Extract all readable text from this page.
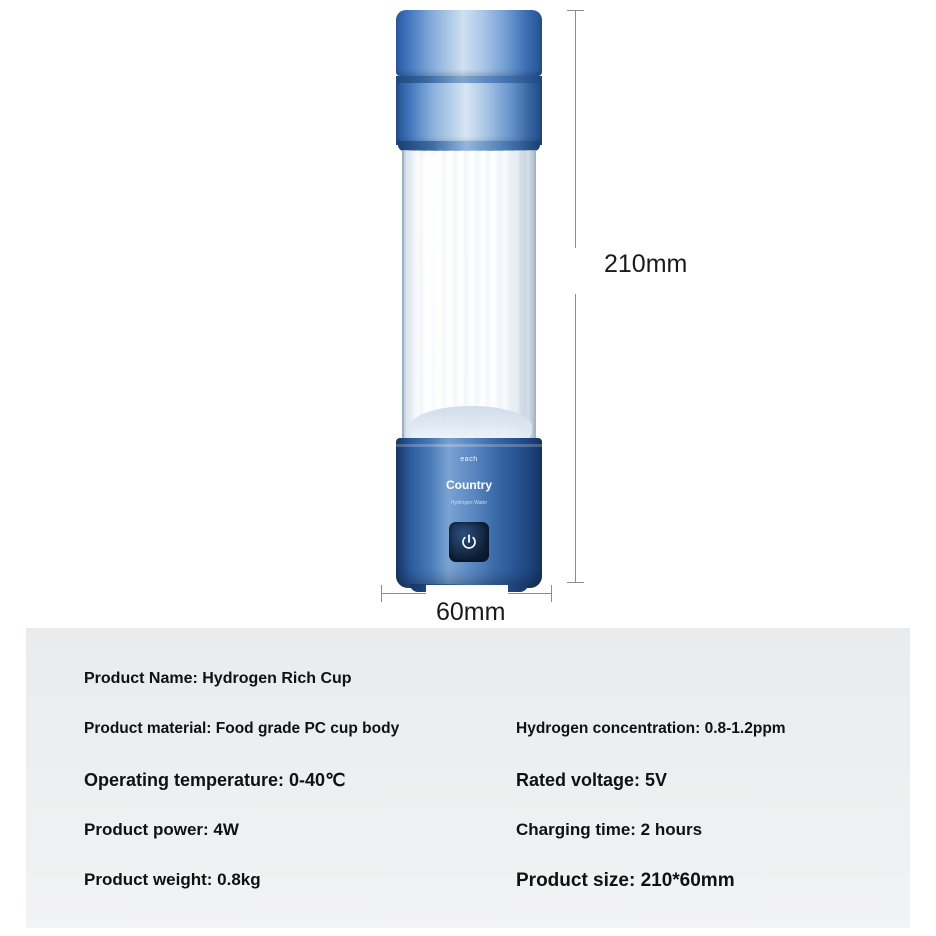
each
Country
Hydrogen Water
210mm
60mm
Product Name: Hydrogen Rich Cup
Product material: Food grade PC cup body	Hydrogen concentration: 0.8-1.2ppm
Operating temperature: 0-40℃	Rated voltage: 5V
Product power: 4W	Charging time: 2 hours
Product weight: 0.8kg	Product size: 210*60mm
